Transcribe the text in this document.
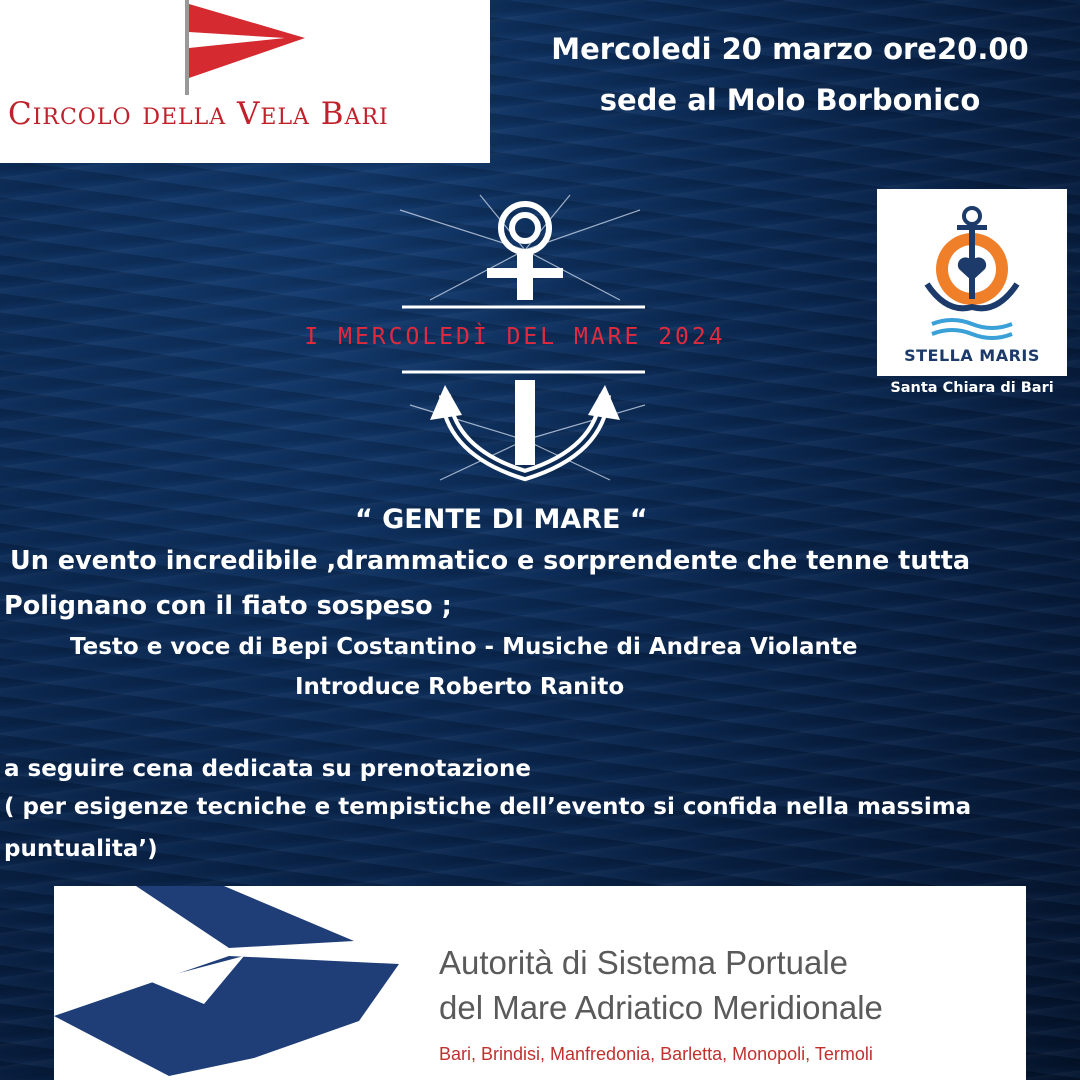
Circolo della Vela Bari
Mercoledi 20 marzo ore20.00
sede al Molo Borbonico
STELLA MARIS
Santa Chiara di Bari
I MERCOLEDÌ DEL MARE 2024
“ GENTE DI MARE “
Un evento incredibile ,drammatico e sorprendente che tenne tutta
Polignano con il fiato sospeso ;
Testo e voce di Bepi Costantino - Musiche di Andrea Violante
Introduce Roberto Ranito
a seguire cena dedicata su prenotazione
( per esigenze tecniche e tempistiche dell’evento si confida nella massima
puntualita’)
Autorità di Sistema Portuale
del Mare Adriatico Meridionale
Bari, Brindisi, Manfredonia, Barletta, Monopoli, Termoli
